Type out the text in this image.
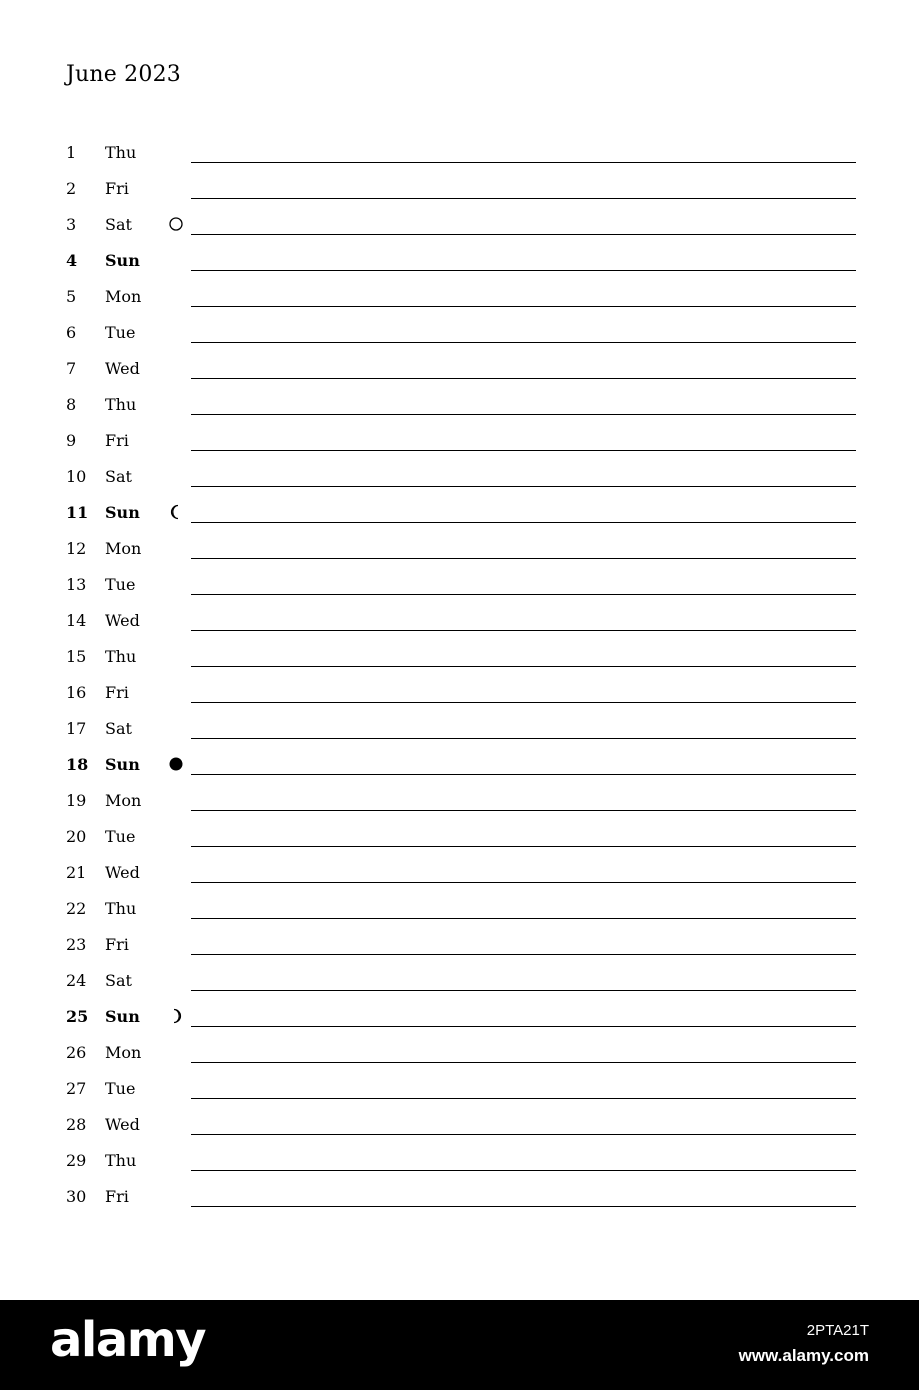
June 2023
1 Thu
2 Fri
3 Sat
4 Sun
5 Mon
6 Tue
7 Wed
8 Thu
9 Fri
10 Sat
11 Sun
12 Mon
13 Tue
14 Wed
15 Thu
16 Fri
17 Sat
18 Sun
19 Mon
20 Tue
21 Wed
22 Thu
23 Fri
24 Sat
25 Sun
26 Mon
27 Tue
28 Wed
29 Thu
30 Fri
alamy	2PTA21T
www.alamy.com
